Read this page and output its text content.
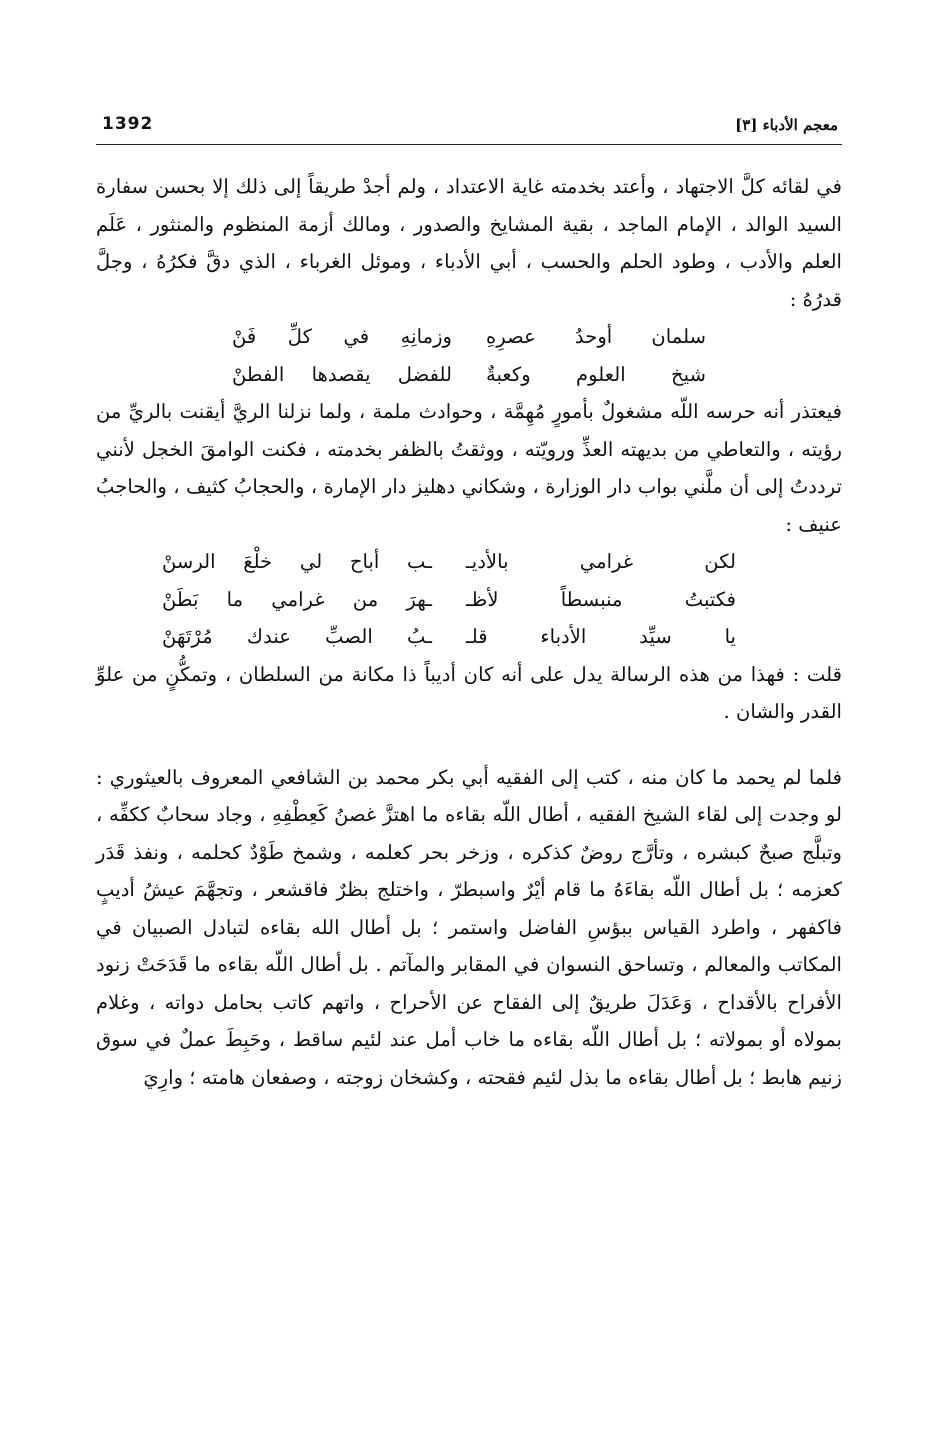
1392	معجم الأدباء [٣]

في لقائه كلَّ الاجتهاد ، وأعتد بخدمته غاية الاعتداد ، ولم أجدْ طريقاً إلى ذلك إلا بحسن سفارة السيد الوالد ، الإمام الماجد ، بقية المشايخ والصدور ، ومالك أزمة المنظوم والمنثور ، عَلَم العلم والأدب ، وطود الحلم والحسب ، أبي الأدباء ، وموئل الغرباء ، الذي دقَّ فكرُهُ ، وجلَّ قدرُهُ :

سلمان أوحدُ عصرِهِ
وزمانِهِ في كلِّ فَنْ
شيخ العلوم وكعبةٌ
للفضل يقصدها الفطنْ

فيعتذر أنه حرسه اللّه مشغولٌ بأمورٍ مُهِمَّة ، وحوادث ملمة ، ولما نزلنا الريَّ أيقنت بالريِّ من رؤيته ، والتعاطي من بديهته العذِّ ورويّته ، ووثقتُ بالظفر بخدمته ، فكنت الوامقَ الخجل لأنني ترددتُ إلى أن ملَّني بواب دار الوزارة ، وشكاني دهليز دار الإمارة ، والحجابُ كثيف ، والحاجبُ عنيف :

لكن غرامي بالأديـ
ـب أباح لي خلْعَ الرسنْ
فكتبتُ منبسطاً لأظـ
ـهرَ من غرامي ما بَطَنْ
يا سيِّد الأدباء قلـ
ـبُ الصبِّ عندك مُرْتَهَنْ

قلت : فهذا من هذه الرسالة يدل على أنه كان أديباً ذا مكانة من السلطان ، وتمكُّنٍ من علوِّ القدر والشان .

فلما لم يحمد ما كان منه ، كتب إلى الفقيه أبي بكر محمد بن الشافعي المعروف بالعيثوري : لو وجدت إلى لقاء الشيخ الفقيه ، أطال اللّه بقاءه ما اهتزَّ غصنُ كَعِطْفِهِ ، وجاد سحابٌ ككفِّه ، وتبلَّج صبحٌ كبشره ، وتأرَّج روضٌ كذكره ، وزخر بحر كعلمه ، وشمخ طَوْدٌ كحلمه ، ونفذ قَدَر كعزمه ؛ بل أطال اللّه بقاءَهُ ما قام أيْرٌ واسبطرّ ، واختلج بظرٌ فاقشعر ، وتجهَّمَ عيشُ أديبٍ فاكفهر ، واطرد القياس ببؤسِ الفاضل واستمر ؛ بل أطال الله بقاءه لتبادل الصبيان في المكاتب والمعالم ، وتساحق النسوان في المقابر والمآتم . بل أطال اللّه بقاءه ما قَدَحَتْ زنود الأفراح بالأقداح ، وَعَدَلَ طريقٌ إلى الفقاح عن الأحراح ، واتهم كاتب بحامل دواته ، وغلام بمولاه أو بمولاته ؛ بل أطال اللّه بقاءه ما خاب أمل عند لئيم ساقط ، وحَبِطَ عملٌ في سوق زنيم هابط ؛ بل أطال بقاءه ما بذل لئيم فقحته ، وكشخان زوجته ، وصفعان هامته ؛ وارِيَ
